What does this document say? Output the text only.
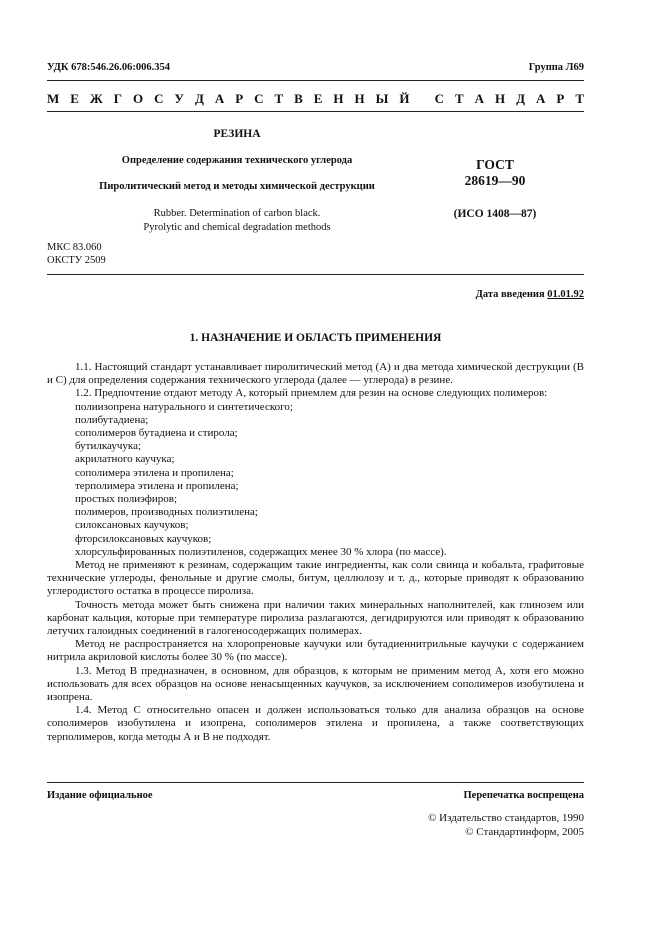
УДК 678:546.26.06:006.354	Группа Л69
М Е Ж Г О С У Д А Р С Т В Е Н Н Ы Й
С Т А Н Д А Р Т
РЕЗИНА
Определение содержания технического углерода
Пиролитический метод и методы химической деструкции
Rubber. Determination of carbon black.
Pyrolytic and chemical degradation methods
ГОСТ
28619—90
(ИСО 1408—87)
МКС 83.060
ОКСТУ 2509
Дата введения 01.01.92
1. НАЗНАЧЕНИЕ И ОБЛАСТЬ ПРИМЕНЕНИЯ

1.1. Настоящий стандарт устанавливает пиролитический метод (А) и два метода химической деструкции (В и С) для определения содержания технического углерода (далее — углерода) в резине.

1.2. Предпочтение отдают методу А, который приемлем для резин на основе следующих полимеров:

полиизопрена натурального и синтетического;

полибутадиена;

сополимеров бутадиена и стирола;

бутилкаучука;

акрилатного каучука;

сополимера этилена и пропилена;

терполимера этилена и пропилена;

простых полиэфиров;

полимеров, производных полиэтилена;

силоксановых каучуков;

фторсилоксановых каучуков;

хлорсульфированных полиэтиленов, содержащих менее 30 % хлора (по массе).

Метод не применяют к резинам, содержащим такие ингредиенты, как соли свинца и кобальта, графитовые технические углероды, фенольные и другие смолы, битум, целлюлозу и т. д., которые приводят к образованию углеродистого остатка в процессе пиролиза.

Точность метода может быть снижена при наличии таких минеральных наполнителей, как глинозем или карбонат кальция, которые при температуре пиролиза разлагаются, дегидрируются или приводят к образованию летучих галоидных соединений в галогеносодержащих полимерах.

Метод не распространяется на хлоропреновые каучуки или бутадиеннитрильные каучуки с содержанием нитрила акриловой кислоты более 30 % (по массе).

1.3. Метод В предназначен, в основном, для образцов, к которым не применим метод А, хотя его можно использовать для всех образцов на основе ненасыщенных каучуков, за исключением сополимеров изобутилена и изопрена.

1.4. Метод С относительно опасен и должен использоваться только для анализа образцов на основе сополимеров изобутилена и изопрена, сополимеров этилена и пропилена, а также соответствующих терполимеров, когда методы А и В не подходят.

Издание официальное	Перепечатка воспрещена
© Издательство стандартов, 1990
© Стандартинформ, 2005
